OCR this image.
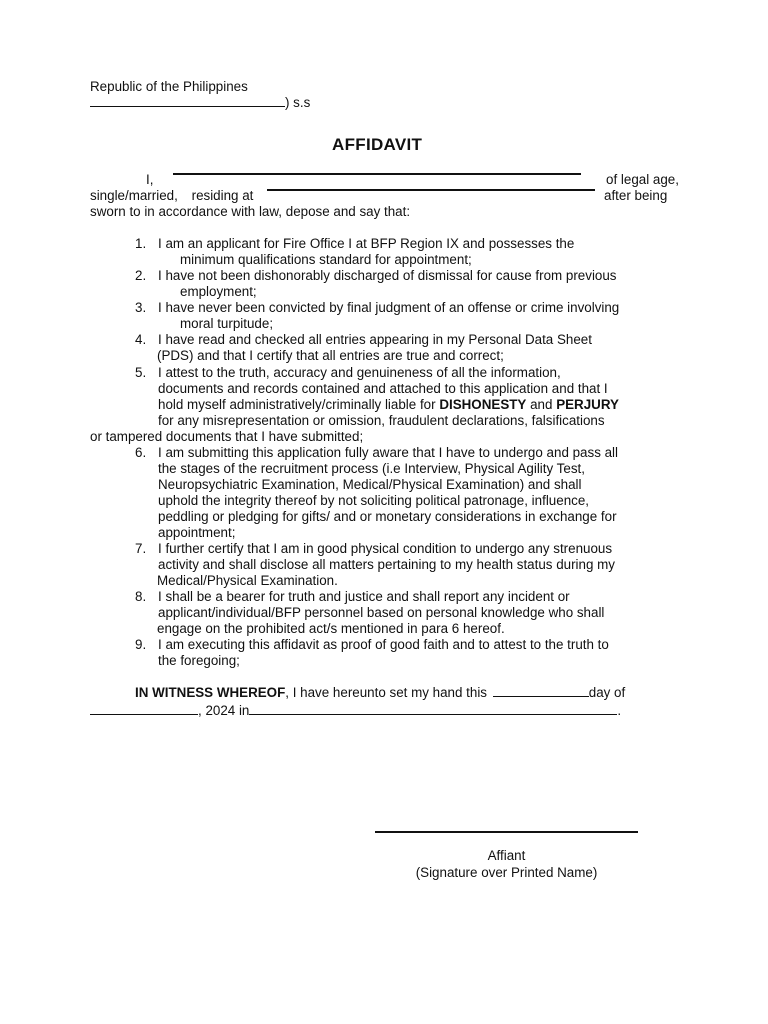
Republic of the Philippines
) s.s
AFFIDAVIT
I,	of legal age,
single/married, residing at	after being
sworn to in accordance with law, depose and say that:
1. I am an applicant for Fire Office I at BFP Region IX and possesses the
minimum qualifications standard for appointment;
2. I have not been dishonorably discharged of dismissal for cause from previous
employment;
3. I have never been convicted by final judgment of an offense or crime involving
moral turpitude;
4. I have read and checked all entries appearing in my Personal Data Sheet
(PDS) and that I certify that all entries are true and correct;
5. I attest to the truth, accuracy and genuineness of all the information,
documents and records contained and attached to this application and that I
hold myself administratively/criminally liable for DISHONESTY and PERJURY
for any misrepresentation or omission, fraudulent declarations, falsifications
or tampered documents that I have submitted;
6. I am submitting this application fully aware that I have to undergo and pass all
the stages of the recruitment process (i.e Interview, Physical Agility Test,
Neuropsychiatric Examination, Medical/Physical Examination) and shall
uphold the integrity thereof by not soliciting political patronage, influence,
peddling or pledging for gifts/ and or monetary considerations in exchange for
appointment;
7. I further certify that I am in good physical condition to undergo any strenuous
activity and shall disclose all matters pertaining to my health status during my
Medical/Physical Examination.
8. I shall be a bearer for truth and justice and shall report any incident or
applicant/individual/BFP personnel based on personal knowledge who shall
engage on the prohibited act/s mentioned in para 6 hereof.
9. I am executing this affidavit as proof of good faith and to attest to the truth to
the foregoing;
IN WITNESS WHEREOF, I have hereunto set my hand this	day of
, 2024 in	.
Affiant
(Signature over Printed Name)
